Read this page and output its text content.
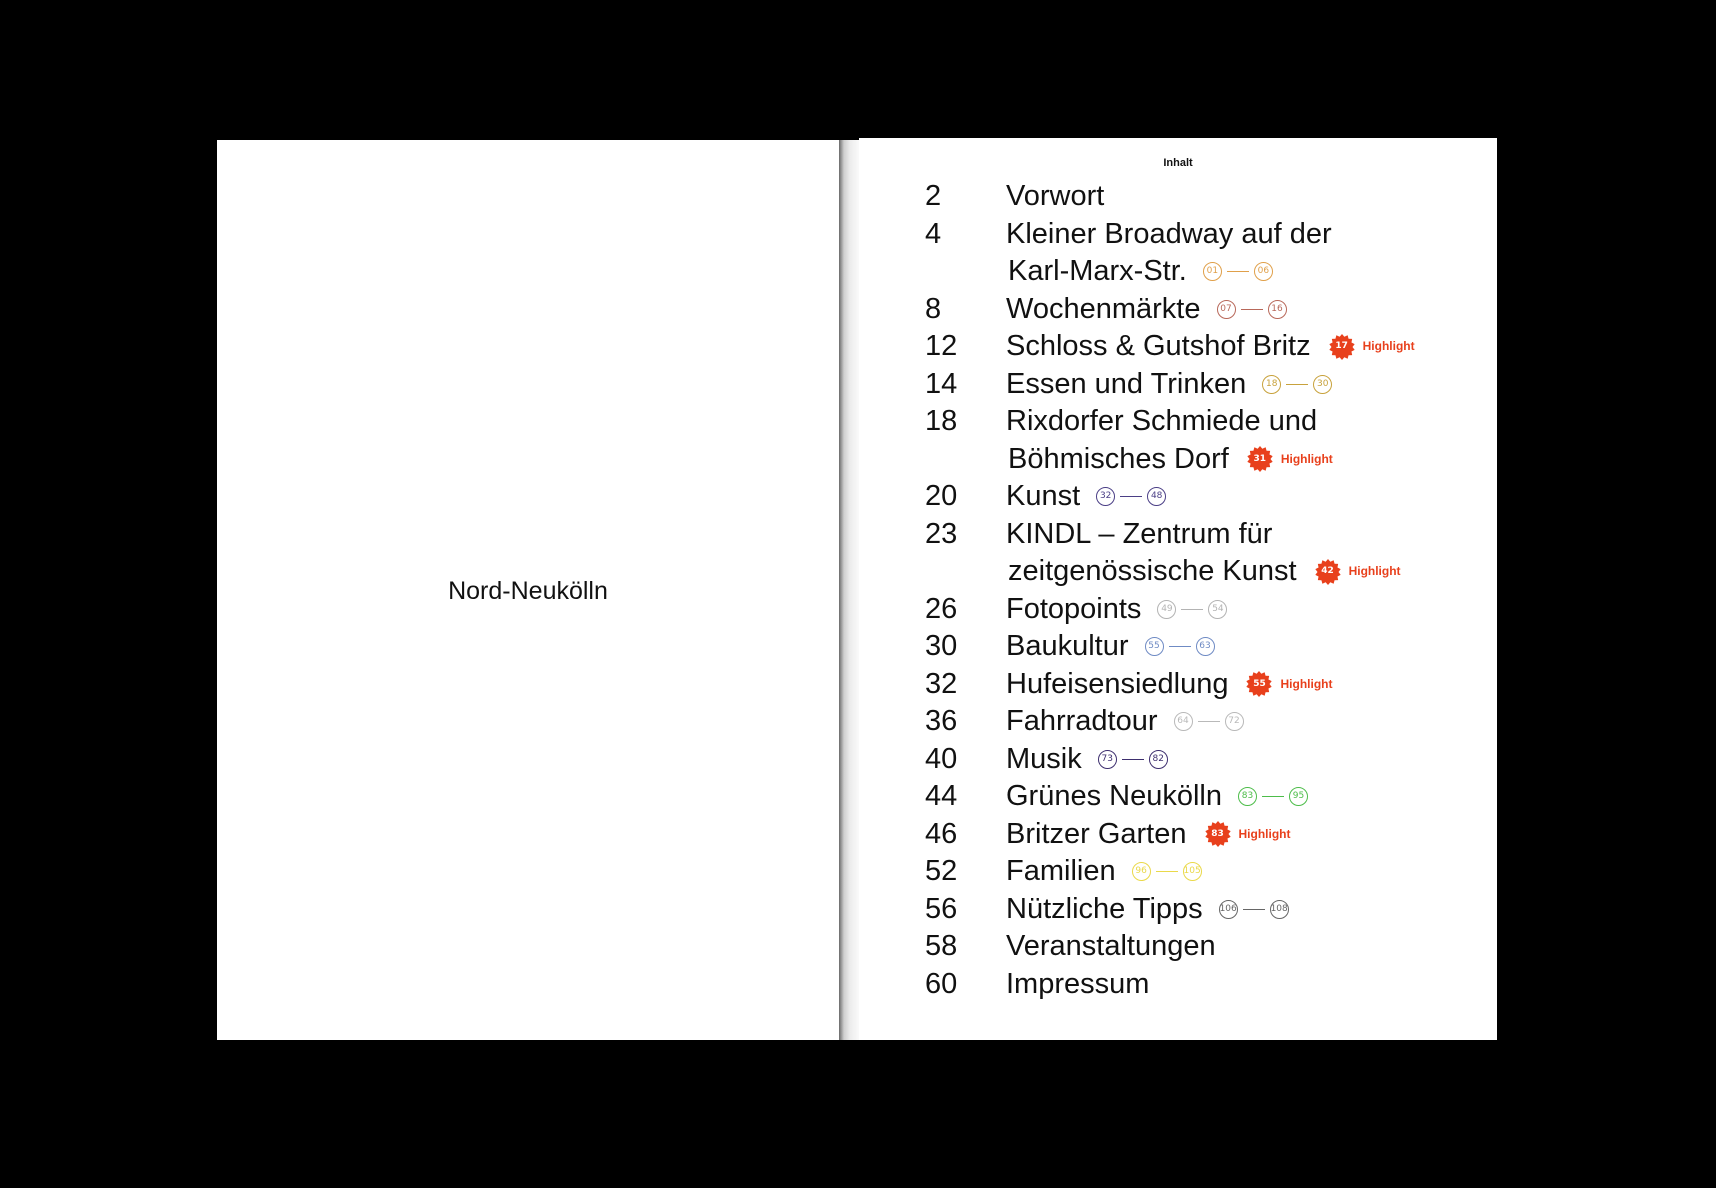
Nord-Neukölln
Inhalt
2 Vorwort
4 Kleiner Broadway auf der
Karl-Marx-Str.	01	06
8 Wochenmärkte	07	16
12 Schloss & Gutshof Britz	17 Highlight
14 Essen und Trinken	18	30
18 Rixdorfer Schmiede und
Böhmisches Dorf	31 Highlight
20 Kunst	32	48
23 KINDL – Zentrum für
zeitgenössische Kunst	42 Highlight
26 Fotopoints	49	54
30 Baukultur	55	63
32 Hufeisensiedlung	55 Highlight
36 Fahrradtour	64	72
40 Musik	73	82
44 Grünes Neukölln	83	95
46 Britzer Garten	83 Highlight
52 Familien	96	105
56 Nützliche Tipps 106	108
58 Veranstaltungen
60 Impressum
